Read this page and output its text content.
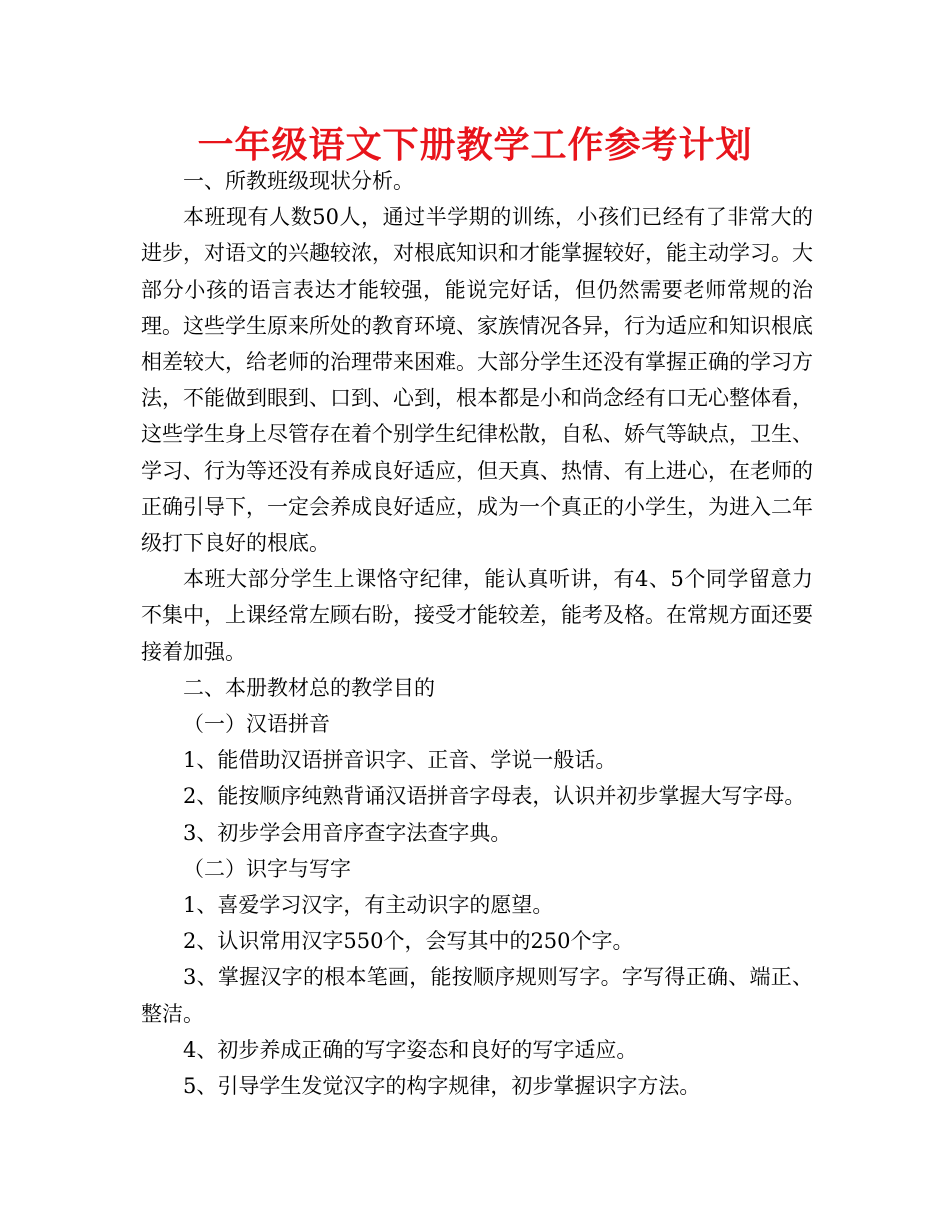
一年级语文下册教学工作参考计划

一、所教班级现状分析。

本班现有人数50人，通过半学期的训练，小孩们已经有了非常大的进步，对语文的兴趣较浓，对根底知识和才能掌握较好，能主动学习。大部分小孩的语言表达才能较强，能说完好话，但仍然需要老师常规的治理。这些学生原来所处的教育环境、家族情况各异，行为适应和知识根底相差较大，给老师的治理带来困难。大部分学生还没有掌握正确的学习方法，不能做到眼到、口到、心到，根本都是小和尚念经有口无心整体看，这些学生身上尽管存在着个别学生纪律松散，自私、娇气等缺点，卫生、学习、行为等还没有养成良好适应，但天真、热情、有上进心，在老师的正确引导下，一定会养成良好适应，成为一个真正的小学生，为进入二年级打下良好的根底。

本班大部分学生上课恪守纪律，能认真听讲，有4、5个同学留意力不集中，上课经常左顾右盼，接受才能较差，能考及格。在常规方面还要接着加强。

二、本册教材总的教学目的

（一）汉语拼音

1、能借助汉语拼音识字、正音、学说一般话。

2、能按顺序纯熟背诵汉语拼音字母表，认识并初步掌握大写字母。

3、初步学会用音序查字法查字典。

（二）识字与写字

1、喜爱学习汉字，有主动识字的愿望。

2、认识常用汉字550个，会写其中的250个字。

3、掌握汉字的根本笔画，能按顺序规则写字。字写得正确、端正、整洁。

4、初步养成正确的写字姿态和良好的写字适应。

5、引导学生发觉汉字的构字规律，初步掌握识字方法。
